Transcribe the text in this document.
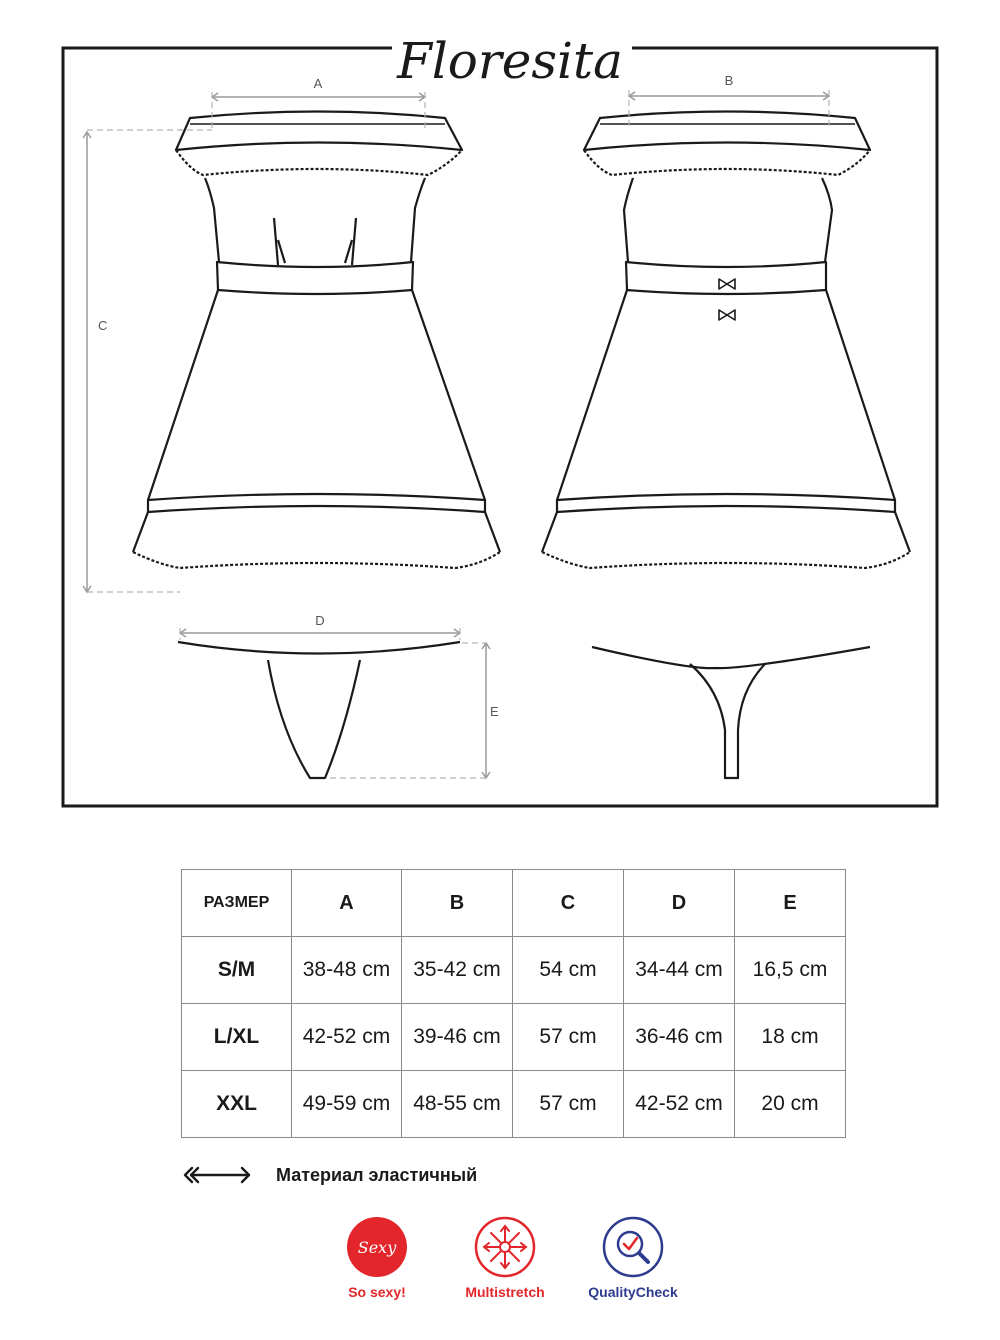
Floresita
A	B
C
D
E
РАЗМЕР	A	B	C	D	E
S/M	38-48 cm	35-42 cm	54 cm	34-44 cm	16,5 cm
L/XL	42-52 cm	39-46 cm	57 cm	36-46 cm	18 cm
XXL	49-59 cm	48-55 cm	57 cm	42-52 cm	20 cm
Материал эластичный
Sexy
So sexy!	Multistretch	QualityCheck
